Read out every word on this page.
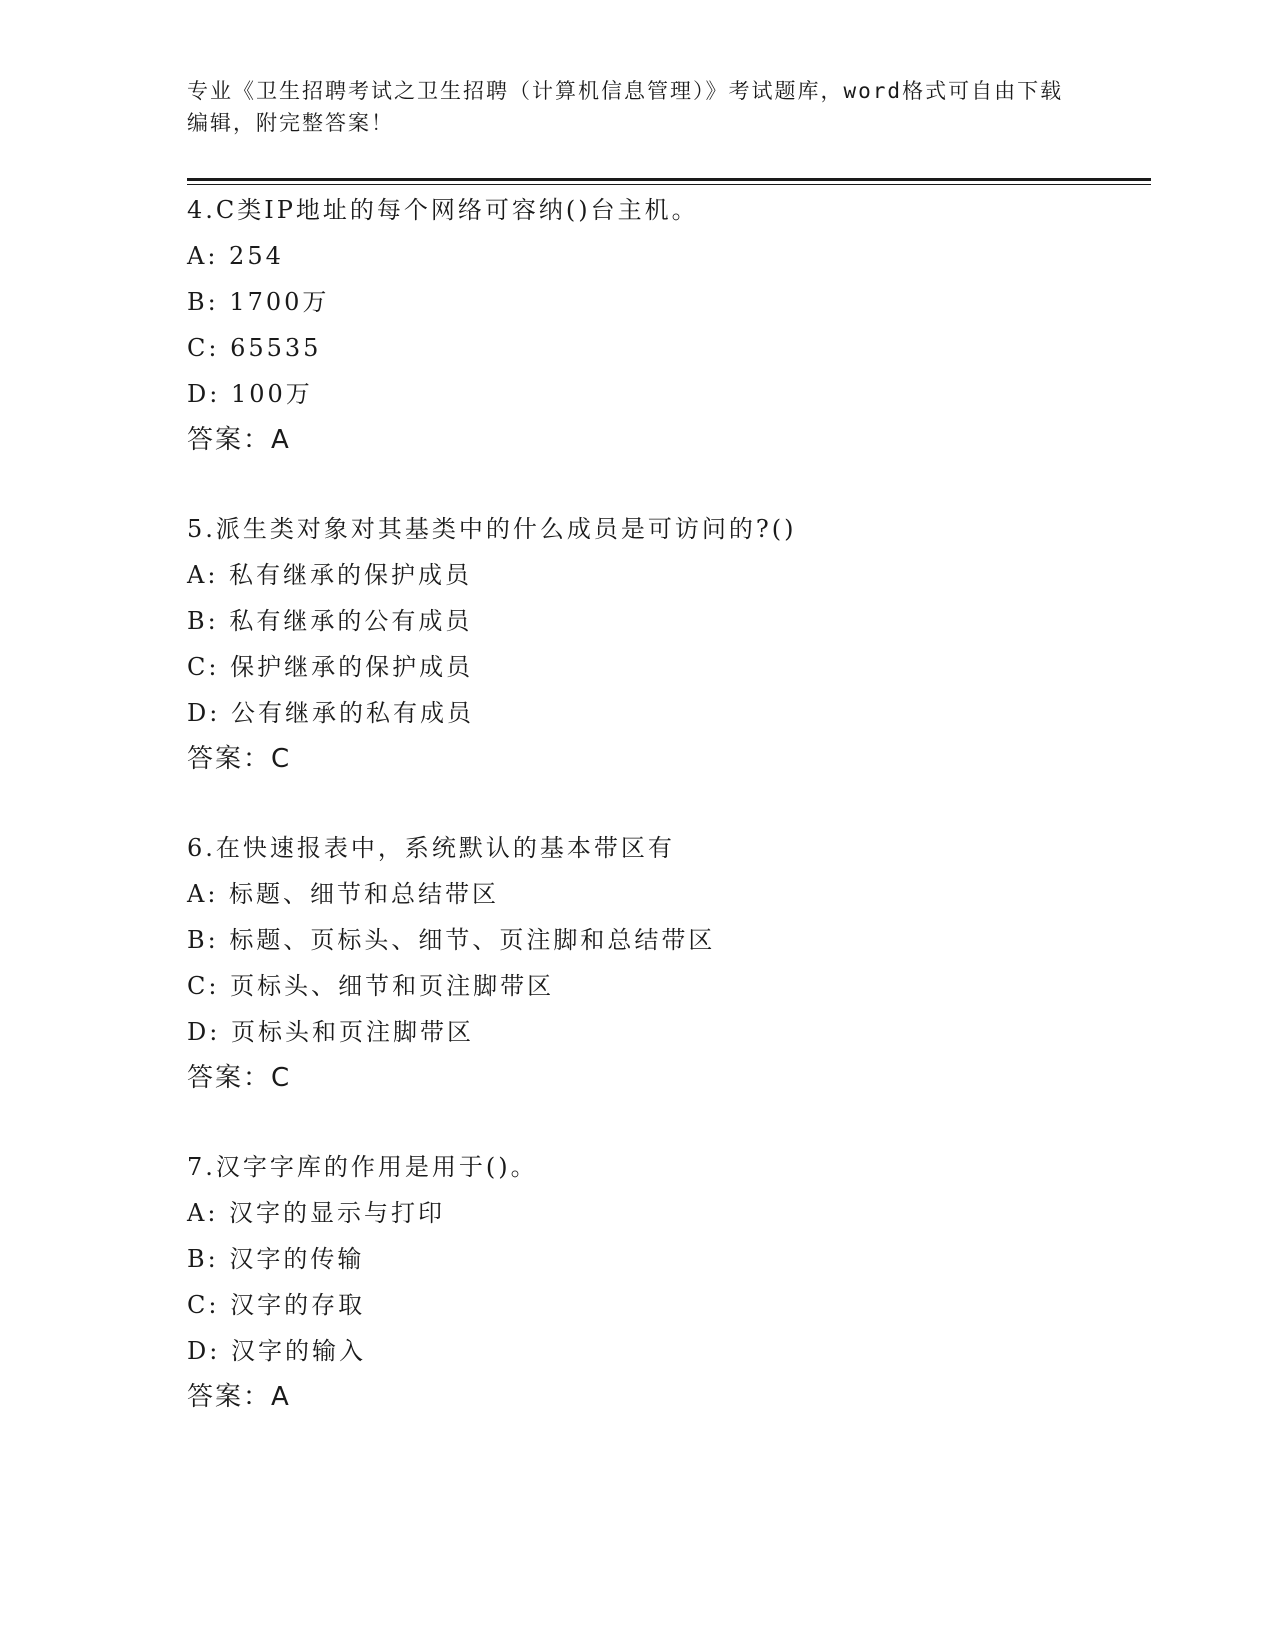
专业《卫生招聘考试之卫生招聘（计算机信息管理）》考试题库，word格式可自由下载编辑，附完整答案！
4.C类IP地址的每个网络可容纳()台主机。
A: 254
B: 1700万
C: 65535
D: 100万
答案：A
5.派生类对象对其基类中的什么成员是可访问的?()
A: 私有继承的保护成员
B: 私有继承的公有成员
C: 保护继承的保护成员
D: 公有继承的私有成员
答案：C
6.在快速报表中，系统默认的基本带区有
A: 标题、细节和总结带区
B: 标题、页标头、细节、页注脚和总结带区
C: 页标头、细节和页注脚带区
D: 页标头和页注脚带区
答案：C
7.汉字字库的作用是用于()。
A: 汉字的显示与打印
B: 汉字的传输
C: 汉字的存取
D: 汉字的输入
答案：A
